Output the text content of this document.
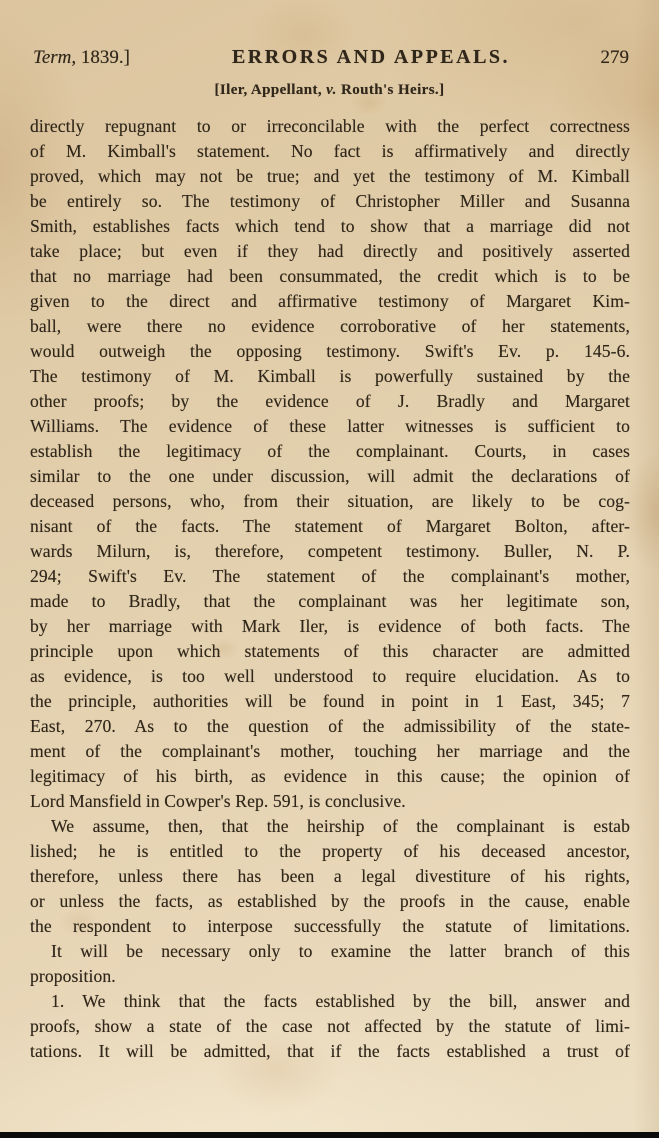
Term, 1839.]	ERRORS AND APPEALS.	279
[Iler, Appellant, v. Routh's Heirs.]
directly repugnant to or irreconcilable with the perfect correctness
of M. Kimball's statement. No fact is affirmatively and directly
proved, which may not be true; and yet the testimony of M. Kimball
be entirely so. The testimony of Christopher Miller and Susanna
Smith, establishes facts which tend to show that a marriage did not
take place; but even if they had directly and positively asserted
that no marriage had been consummated, the credit which is to be
given to the direct and affirmative testimony of Margaret Kim-
ball, were there no evidence corroborative of her statements,
would outweigh the opposing testimony. Swift's Ev. p. 145-6.
The testimony of M. Kimball is powerfully sustained by the
other proofs; by the evidence of J. Bradly and Margaret
Williams. The evidence of these latter witnesses is sufficient to
establish the legitimacy of the complainant. Courts, in cases
similar to the one under discussion, will admit the declarations of
deceased persons, who, from their situation, are likely to be cog-
nisant of the facts. The statement of Margaret Bolton, after-
wards Milurn, is, therefore, competent testimony. Buller, N. P.
294; Swift's Ev. The statement of the complainant's mother,
made to Bradly, that the complainant was her legitimate son,
by her marriage with Mark Iler, is evidence of both facts. The
principle upon which statements of this character are admitted
as evidence, is too well understood to require elucidation. As to
the principle, authorities will be found in point in 1 East, 345; 7
East, 270. As to the question of the admissibility of the state-
ment of the complainant's mother, touching her marriage and the
legitimacy of his birth, as evidence in this cause; the opinion of
Lord Mansfield in Cowper's Rep. 591, is conclusive.
We assume, then, that the heirship of the complainant is estab
lished; he is entitled to the property of his deceased ancestor,
therefore, unless there has been a legal divestiture of his rights,
or unless the facts, as established by the proofs in the cause, enable
the respondent to interpose successfully the statute of limitations.
It will be necessary only to examine the latter branch of this
proposition.
1. We think that the facts established by the bill, answer and
proofs, show a state of the case not affected by the statute of limi-
tations. It will be admitted, that if the facts established a trust of
